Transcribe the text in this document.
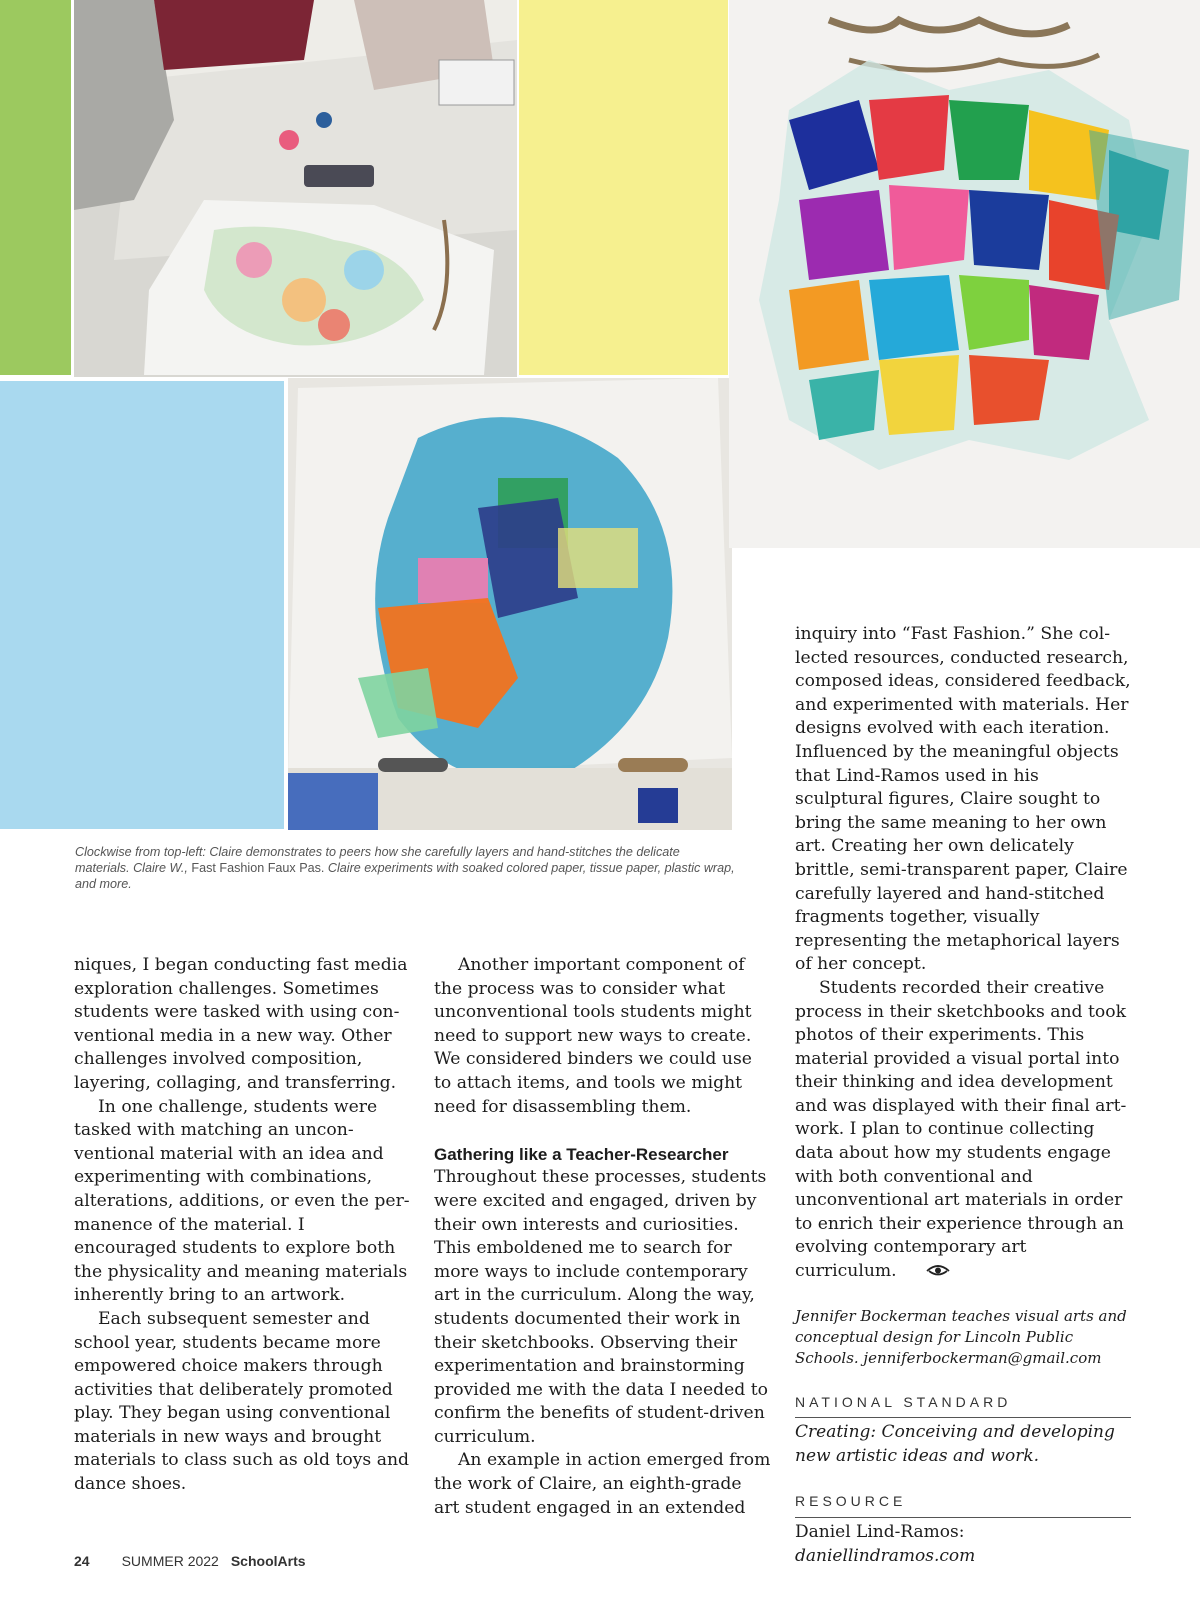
Clockwise from top-left: Claire demonstrates to peers how she carefully layers and hand-stitches the delicate materials. Claire W., Fast Fashion Faux Pas. Claire experiments with soaked colored paper, tissue paper, plastic wrap, and more.

niques, I began conducting fast media exploration challenges. Sometimes students were tasked with using conventional media in a new way. Other challenges involved composition, layering, collaging, and transferring.

In one challenge, students were tasked with matching an unconventional material with an idea and experimenting with combinations, alterations, additions, or even the permanence of the material. I encouraged students to explore both the physicality and meaning materials inherently bring to an artwork.

Each subsequent semester and school year, students became more empowered choice makers through activities that deliberately promoted play. They began using conventional materials in new ways and brought materials to class such as old toys and dance shoes.

Another important component of the process was to consider what unconventional tools students might need to support new ways to create. We considered binders we could use to attach items, and tools we might need for disassembling them.

Gathering like a Teacher-Researcher

Throughout these processes, students were excited and engaged, driven by their own interests and curiosities. This emboldened me to search for more ways to include contemporary art in the curriculum. Along the way, students documented their work in their sketchbooks. Observing their experimentation and brainstorming provided me with the data I needed to confirm the benefits of student-driven curriculum.

An example in action emerged from the work of Claire, an eighth-grade art student engaged in an extended

inquiry into “Fast Fashion.” She collected resources, conducted research, composed ideas, considered feedback, and experimented with materials. Her designs evolved with each iteration. Influenced by the meaningful objects that Lind-Ramos used in his sculptural figures, Claire sought to bring the same meaning to her own art. Creating her own delicately brittle, semi-transparent paper, Claire carefully layered and hand-stitched fragments together, visually representing the metaphorical layers of her concept.

Students recorded their creative process in their sketchbooks and took photos of their experiments. This material provided a visual portal into their thinking and idea development and was displayed with their final artwork. I plan to continue collecting data about how my students engage with both conventional and unconventional art materials in order to enrich their experience through an evolving contemporary art curriculum.

Jennifer Bockerman teaches visual arts and conceptual design for Lincoln Public Schools. jenniferbockerman@gmail.com

NATIONAL STANDARD

Creating: Conceiving and developing new artistic ideas and work.

RESOURCE

Daniel Lind-Ramos: daniellindramos.com

24 SUMMER 2022 SchoolArts
